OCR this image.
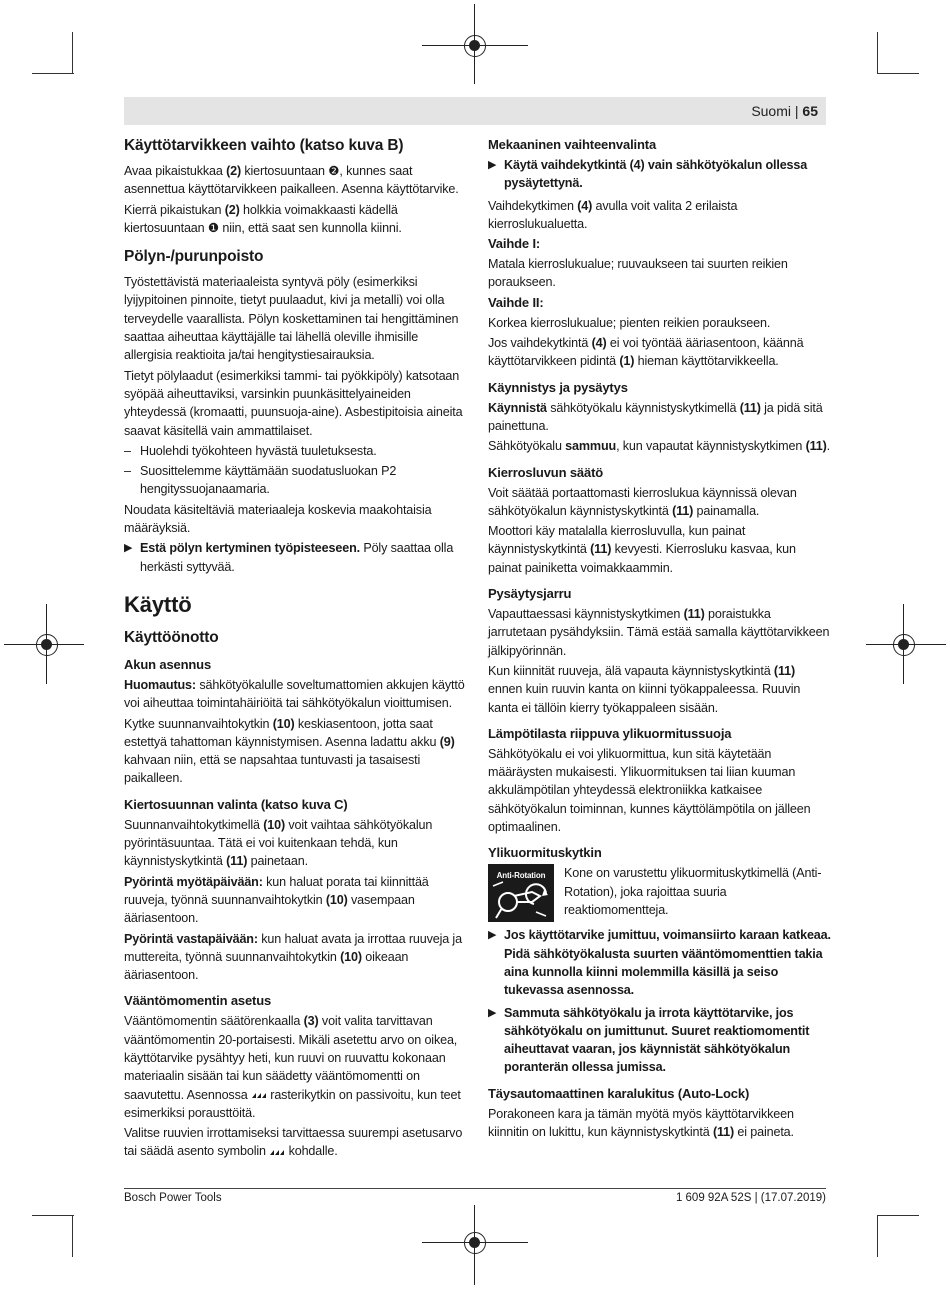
Suomi | 65
Käyttötarvikkeen vaihto (katso kuva B)

Avaa pikaistukkaa (2) kiertosuuntaan ❷, kunnes saat asennettua käyttötarvikkeen paikalleen. Asenna käyttötarvike.

Kierrä pikaistukan (2) holkkia voimakkaasti kädellä kiertosuuntaan ❶ niin, että saat sen kunnolla kiinni.

Pölyn-/purunpoisto

Työstettävistä materiaaleista syntyvä pöly (esimerkiksi lyijypitoinen pinnoite, tietyt puulaadut, kivi ja metalli) voi olla terveydelle vaarallista. Pölyn koskettaminen tai hengittäminen saattaa aiheuttaa käyttäjälle tai lähellä oleville ihmisille allergisia reaktioita ja/tai hengitystiesairauksia.

Tietyt pölylaadut (esimerkiksi tammi- tai pyökkipöly) katsotaan syöpää aiheuttaviksi, varsinkin puunkäsittelyaineiden yhteydessä (kromaatti, puunsuoja-aine). Asbestipitoisia aineita saavat käsitellä vain ammattilaiset.

– Huolehdi työkohteen hyvästä tuuletuksesta.
– Suosittelemme käyttämään suodatusluokan P2 hengityssuojanaamaria.

Noudata käsiteltäviä materiaaleja koskevia maakohtaisia määräyksiä.

▶ Estä pölyn kertyminen työpisteeseen. Pöly saattaa olla herkästi syttyvää.
Käyttö
Käyttöönotto
Akun asennus

Huomautus: sähkötyökalulle soveltumattomien akkujen käyttö voi aiheuttaa toimintahäiriöitä tai sähkötyökalun vioittumisen.

Kytke suunnanvaihtokytkin (10) keskiasentoon, jotta saat estettyä tahattoman käynnistymisen. Asenna ladattu akku (9) kahvaan niin, että se napsahtaa tuntuvasti ja tasaisesti paikalleen.

Kiertosuunnan valinta (katso kuva C)

Suunnanvaihtokytkimellä (10) voit vaihtaa sähkötyökalun pyörintäsuuntaa. Tätä ei voi kuitenkaan tehdä, kun käynnistyskytkintä (11) painetaan.

Pyörintä myötäpäivään: kun haluat porata tai kiinnittää ruuveja, työnnä suunnanvaihtokytkin (10) vasempaan ääriasentoon.

Pyörintä vastapäivään: kun haluat avata ja irrottaa ruuveja ja muttereita, työnnä suunnanvaihtokytkin (10) oikeaan ääriasentoon.

Vääntömomentin asetus

Vääntömomentin säätörenkaalla (3) voit valita tarvittavan vääntömomentin 20-portaisesti. Mikäli asetettu arvo on oikea, käyttötarvike pysähtyy heti, kun ruuvi on ruuvattu kokonaan materiaalin sisään tai kun säädetty vääntömomentti on saavutettu. Asennossa  rasterikytkin on passivoitu, kun teet esimerkiksi porausttöitä.

Valitse ruuvien irrottamiseksi tarvittaessa suurempi asetusarvo tai säädä asento symbolin  kohdalle.

Mekaaninen vaihteenvalinta
▶ Käytä vaihdekytkintä (4) vain sähkötyökalun ollessa pysäytettynä.

Vaihdekytkimen (4) avulla voit valita 2 erilaista kierroslukualuetta.

Vaihde I:

Matala kierroslukualue; ruuvaukseen tai suurten reikien poraukseen.

Vaihde II:

Korkea kierroslukualue; pienten reikien poraukseen.

Jos vaihdekytkintä (4) ei voi työntää ääriasentoon, käännä käyttötarvikkeen pidintä (1) hieman käyttötarvikkeella.

Käynnistys ja pysäytys

Käynnistä sähkötyökalu käynnistyskytkimellä (11) ja pidä sitä painettuna.

Sähkötyökalu sammuu, kun vapautat käynnistyskytkimen (11).

Kierrosluvun säätö

Voit säätää portaattomasti kierroslukua käynnissä olevan sähkötyökalun käynnistyskytkintä (11) painamalla.

Moottori käy matalalla kierrosluvulla, kun painat käynnistyskytkintä (11) kevyesti. Kierrosluku kasvaa, kun painat painiketta voimakkaammin.

Pysäytysjarru

Vapauttaessasi käynnistyskytkimen (11) poraistukka jarrutetaan pysähdyksiin. Tämä estää samalla käyttötarvikkeen jälkipyörinnän.

Kun kiinnität ruuveja, älä vapauta käynnistyskytkintä (11) ennen kuin ruuvin kanta on kiinni työkappaleessa. Ruuvin kanta ei tällöin kierry työkappaleen sisään.

Lämpötilasta riippuva ylikuormitussuoja

Sähkötyökalu ei voi ylikuormittua, kun sitä käytetään määräysten mukaisesti. Ylikuormituksen tai liian kuuman akkulämpötilan yhteydessä elektroniikka katkaisee sähkötyökalun toiminnan, kunnes käyttölämpötila on jälleen optimaalinen.

Ylikuormituskytkin
Anti-Rotation	Kone on varustettu ylikuormituskytkimellä (Anti-Rotation), joka rajoittaa suuria reaktiomomentteja.

▶ Jos käyttötarvike jumittuu, voimansiirto karaan katkeaa. Pidä sähkötyökalusta suurten vääntömomenttien takia aina kunnolla kiinni molemmilla käsillä ja seiso tukevassa asennossa.
▶ Sammuta sähkötyökalu ja irrota käyttötarvike, jos sähkötyökalu on jumittunut. Suuret reaktiomomentit aiheuttavat vaaran, jos käynnistät sähkötyökalun poranterän ollessa jumissa.
Täysautomaattinen karalukitus (Auto-Lock)

Porakoneen kara ja tämän myötä myös käyttötarvikkeen kiinnitin on lukittu, kun käynnistyskytkintä (11) ei paineta.

Bosch Power Tools	1 609 92A 52S | (17.07.2019)
